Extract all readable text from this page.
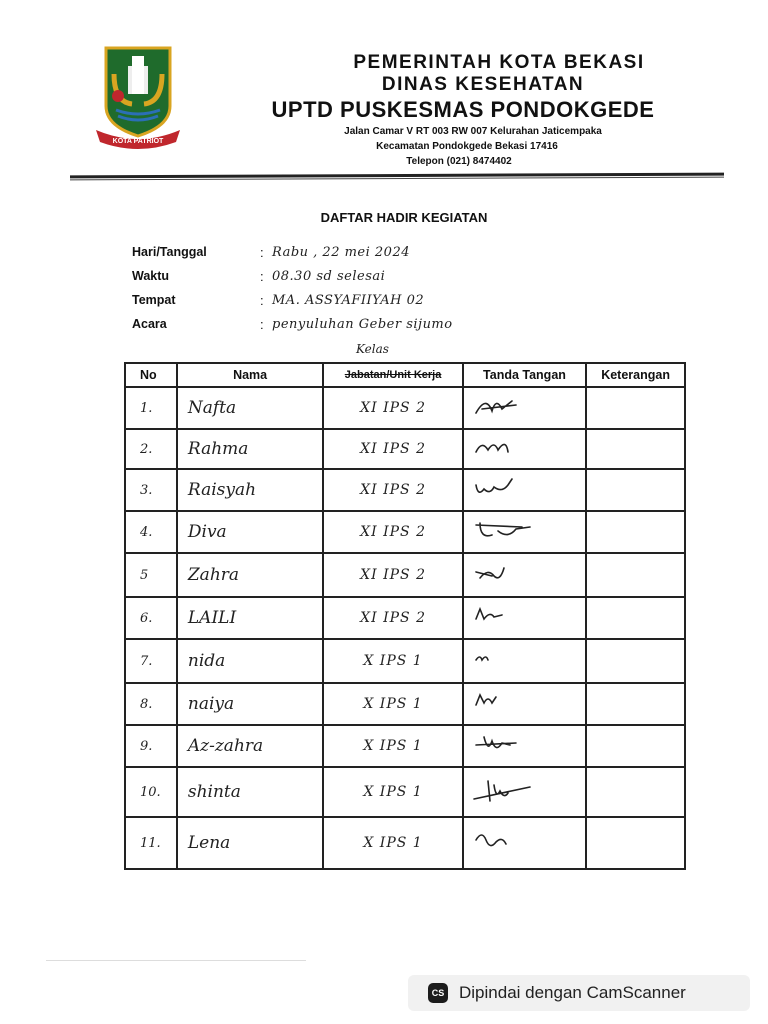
KOTA PATRIOT
PEMERINTAH KOTA BEKASI
DINAS KESEHATAN
UPTD PUSKESMAS PONDOKGEDE
Jalan Camar V RT 003 RW 007 Kelurahan Jaticempaka
Kecamatan Pondokgede Bekasi 17416
Telepon (021) 8474402
DAFTAR HADIR KEGIATAN
Hari/Tanggal	: Rabu , 22 mei 2024
Waktu	: 08.30 sd selesai
Tempat	: MA. ASSYAFIIYAH 02
Acara	: penyuluhan Geber sijumo
Kelas
No	Nama	Jabatan/Unit Kerja	Tanda Tangan	Keterangan
1.	Nafta	XI IPS 2	

2.	Rahma	XI IPS 2	

3.	Raisyah	XI IPS 2	

4.	Diva	XI IPS 2	

5	Zahra	XI IPS 2	

6.	LAILI	XI IPS 2	

7.	nida	X IPS 1	

8.	naiya	X IPS 1	

9.	Az-zahra	X IPS 1	

10.	shinta	X IPS 1	

11.	Lena	X IPS 1	

CS Dipindai dengan CamScanner
